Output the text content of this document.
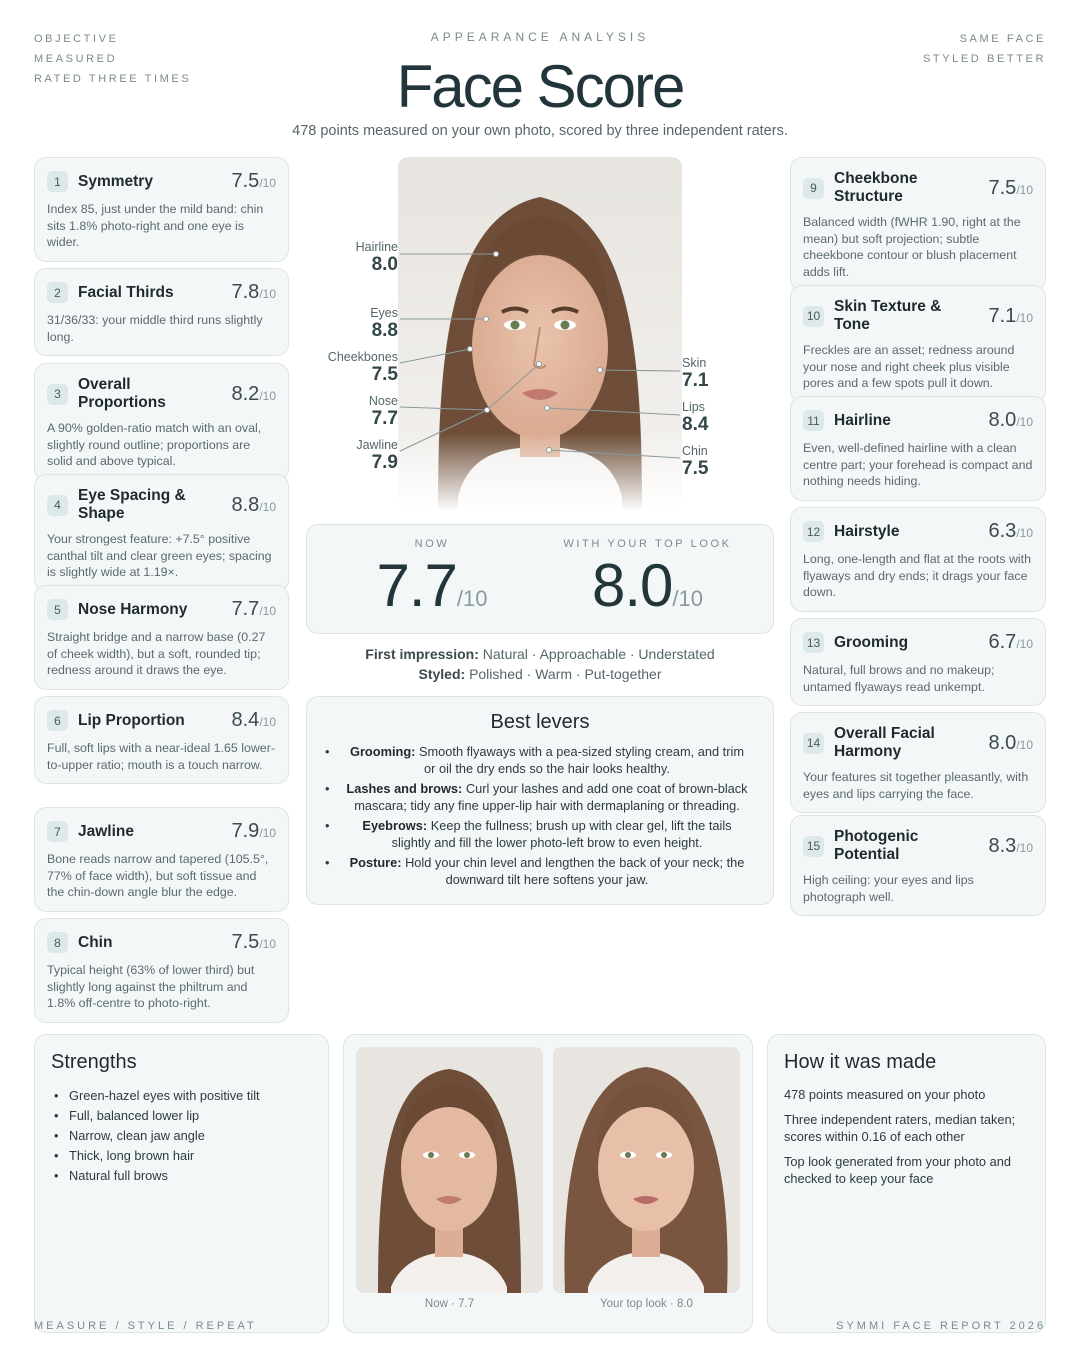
OBJECTIVE
MEASURED
RATED THREE TIMES
SAME FACE
STYLED BETTER
APPEARANCE ANALYSIS
Face Score
478 points measured on your own photo, scored by three independent raters.
Hairline
8.0
Eyes
8.8
Cheekbones
7.5
Nose
7.7
Jawline
7.9
Skin
7.1
Lips
8.4
Chin
7.5
NOW
7.7/10
WITH YOUR TOP LOOK
8.0/10
First impression: Natural · Approachable · Understated
Styled: Polished · Warm · Put-together
Best levers
• Grooming: Smooth flyaways with a pea-sized styling cream, and trim or oil the dry ends so the hair looks healthy.
• Lashes and brows: Curl your lashes and add one coat of brown-black mascara; tidy any fine upper-lip hair with dermaplaning or threading.
• Eyebrows: Keep the fullness; brush up with clear gel, lift the tails slightly and fill the lower photo-left brow to even height.
• Posture: Hold your chin level and lengthen the back of your neck; the downward tilt here softens your jaw.
Strengths
• Green-hazel eyes with positive tilt
• Full, balanced lower lip
• Narrow, clean jaw angle
• Thick, long brown hair
• Natural full brows
Now · 7.7	Your top look · 8.0
How it was made

478 points measured on your photo

Three independent raters, median taken; scores within 0.16 of each other

Top look generated from your photo and checked to keep your face

MEASURE / STYLE / REPEAT	SYMMI FACE REPORT 2026
1	Symmetry	7.5/10
Index 85, just under the mild band: chin sits 1.8% photo-right and one eye is wider.
2	Facial Thirds	7.8/10
31/36/33: your middle third runs slightly long.
3
Overall Proportions	8.2/10
A 90% golden-ratio match with an oval, slightly round outline; proportions are solid and above typical.
4
Eye Spacing & Shape	8.8/10
Your strongest feature: +7.5° positive canthal tilt and clear green eyes; spacing is slightly wide at 1.19×.
5	Nose Harmony	7.7/10
Straight bridge and a narrow base (0.27 of cheek width), but a soft, rounded tip; redness around it draws the eye.
6	Lip Proportion	8.4/10
Full, soft lips with a near-ideal 1.65 lower-to-upper ratio; mouth is a touch narrow.
7	Jawline	7.9/10
Bone reads narrow and tapered (105.5°, 77% of face width), but soft tissue and the chin-down angle blur the edge.
8	Chin	7.5/10
Typical height (63% of lower third) but slightly long against the philtrum and 1.8% off-centre to photo-right.
9
Cheekbone Structure	7.5/10
Balanced width (fWHR 1.90, right at the mean) but soft projection; subtle cheekbone contour or blush placement adds lift.
10
Skin Texture & Tone	7.1/10
Freckles are an asset; redness around your nose and right cheek plus visible pores and a few spots pull it down.
11 Hairline	8.0/10
Even, well-defined hairline with a clean centre part; your forehead is compact and nothing needs hiding.
12 Hairstyle	6.3/10
Long, one-length and flat at the roots with flyaways and dry ends; it drags your face down.
13 Grooming	6.7/10
Natural, full brows and no makeup; untamed flyaways read unkempt.
14
Overall Facial Harmony	8.0/10
Your features sit together pleasantly, with eyes and lips carrying the face.
15
Photogenic Potential	8.3/10
High ceiling: your eyes and lips photograph well.
